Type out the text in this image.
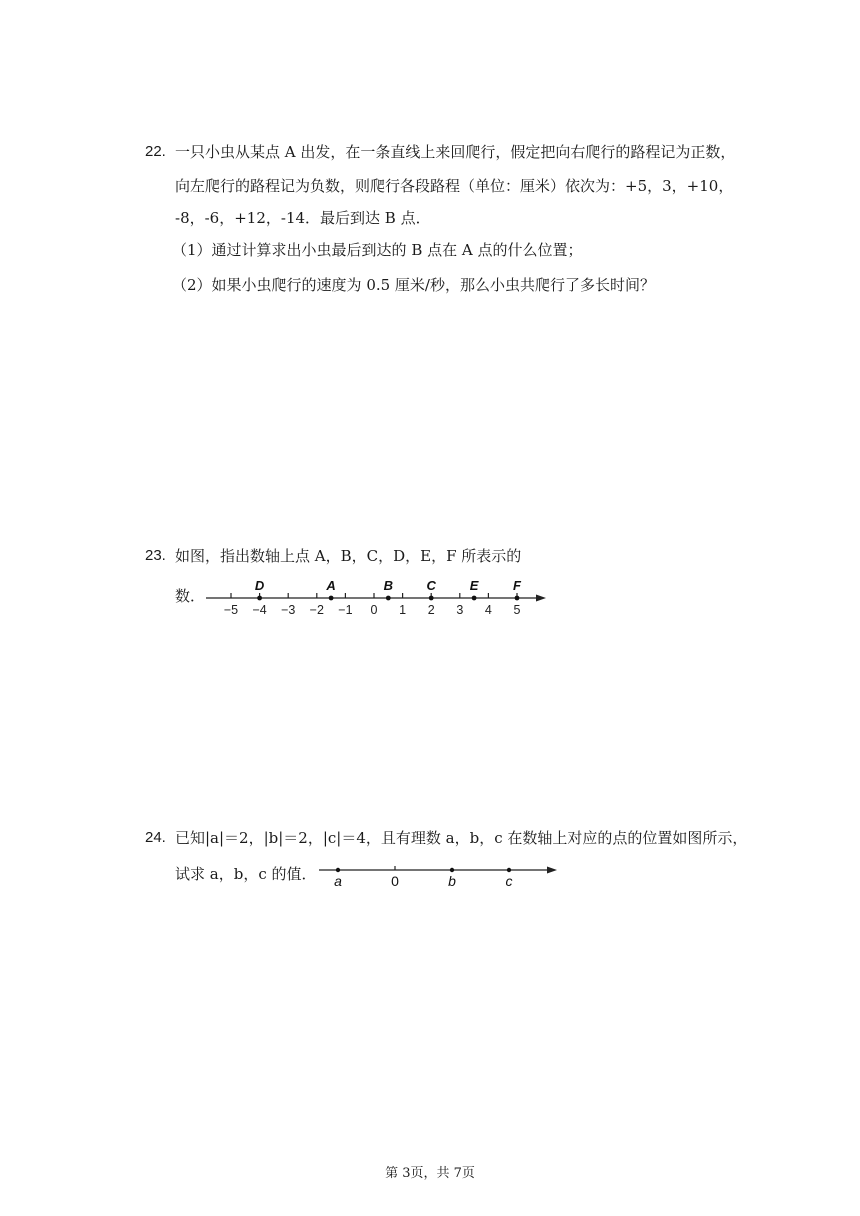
22. 一只小虫从某点 A 出发，在一条直线上来回爬行，假定把向右爬行的路程记为正数，
向左爬行的路程记为负数，则爬行各段路程（单位：厘米）依次为：+5，3，+10，
-8，-6，+12，-14．最后到达 B 点．
（1）通过计算求出小虫最后到达的 B 点在 A 点的什么位置；
（2）如果小虫爬行的速度为 0.5 厘米/秒，那么小虫共爬行了多长时间？
23. 如图，指出数轴上点 A，B，C，D，E，F 所表示的
数．
−5 −4 −3 −2 −1 0 1 2 3 4 5
D	A	B	C	E	F
24. 已知|a|＝2，|b|＝2，|c|＝4，且有理数 a，b，c 在数轴上对应的点的位置如图所示，
试求 a，b，c 的值． a	0	b	c
第 3页，共 7页
